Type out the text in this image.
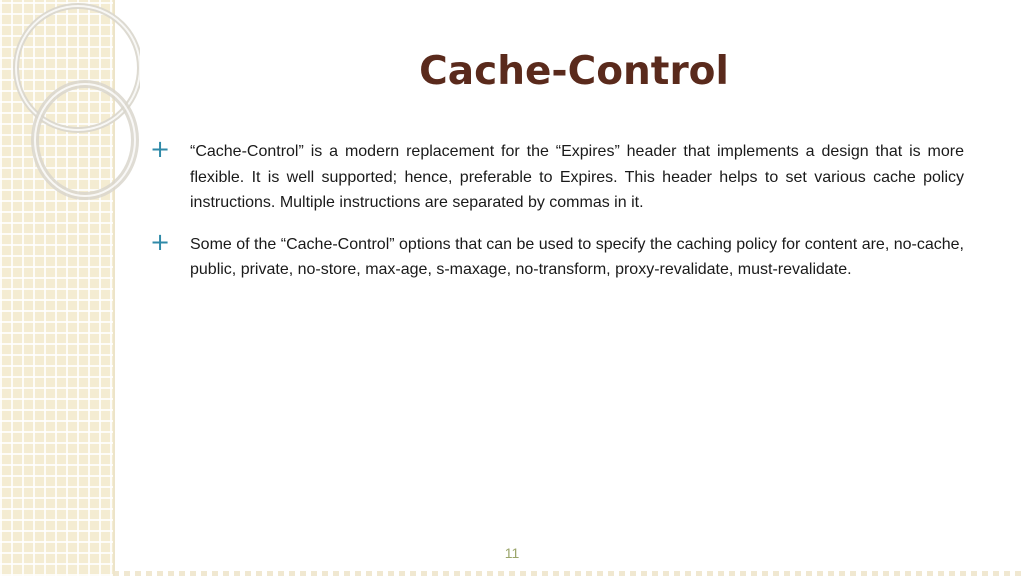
Cache-Control
+	“Cache-Control” is a modern replacement for the “Expires” header that implements a design that is more flexible. It is well supported; hence, preferable to Expires. This header helps to set various cache policy instructions. Multiple instructions are separated by commas in it.
+	Some of the “Cache-Control” options that can be used to specify the caching policy for content are, no-cache, public, private, no-store, max-age, s-maxage, no-transform, proxy-revalidate, must-revalidate.
11
